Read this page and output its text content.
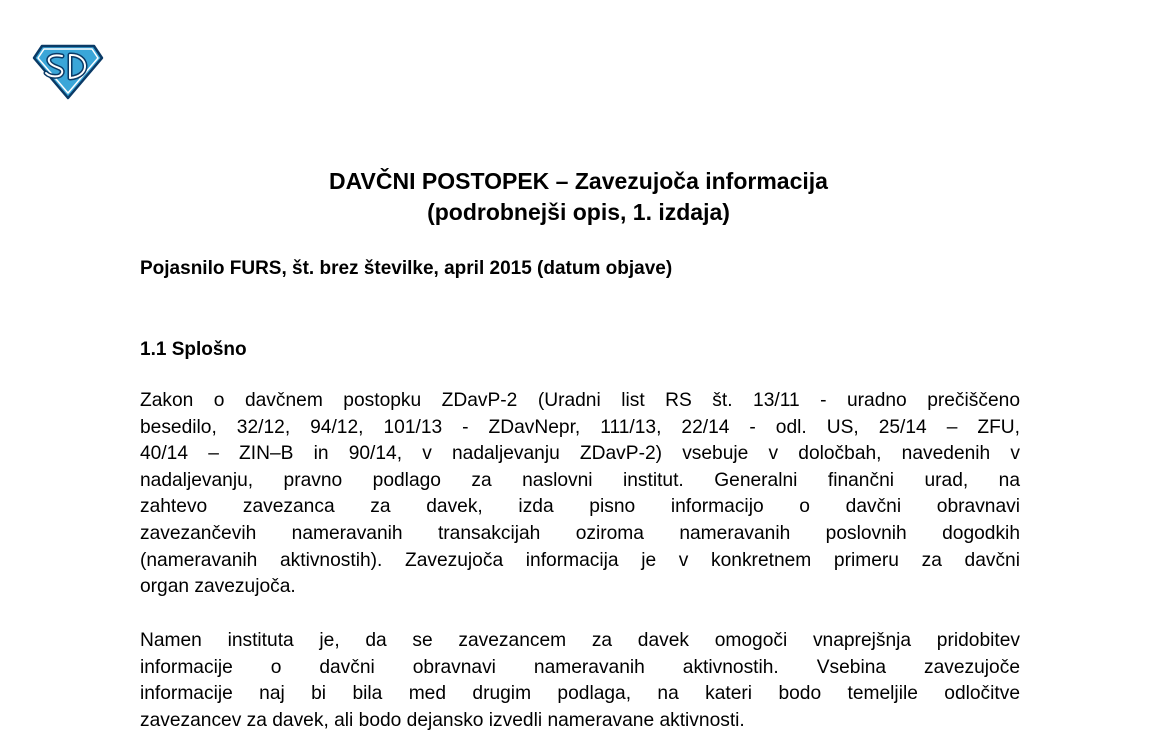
DAVČNI POSTOPEK – Zavezujoča informacija
(podrobnejši opis, 1. izdaja)

Pojasnilo FURS, št. brez številke, april 2015 (datum objave)

1.1 Splošno
Zakon o davčnem postopku ZDavP-2 (Uradni list RS št. 13/11 - uradno prečiščeno
besedilo, 32/12, 94/12, 101/13 - ZDavNepr, 111/13, 22/14 - odl. US, 25/14 – ZFU,
40/14 – ZIN–B in 90/14, v nadaljevanju ZDavP-2) vsebuje v določbah, navedenih v
nadaljevanju, pravno podlago za naslovni institut. Generalni finančni urad, na
zahtevo zavezanca za davek, izda pisno informacijo o davčni obravnavi
zavezančevih nameravanih transakcijah oziroma nameravanih poslovnih dogodkih
(nameravanih aktivnostih). Zavezujoča informacija je v konkretnem primeru za davčni
organ zavezujoča.
Namen instituta je, da se zavezancem za davek omogoči vnaprejšnja pridobitev
informacije o davčni obravnavi nameravanih aktivnostih. Vsebina zavezujoče
informacije naj bi bila med drugim podlaga, na kateri bodo temeljile odločitve
zavezancev za davek, ali bodo dejansko izvedli nameravane aktivnosti.
